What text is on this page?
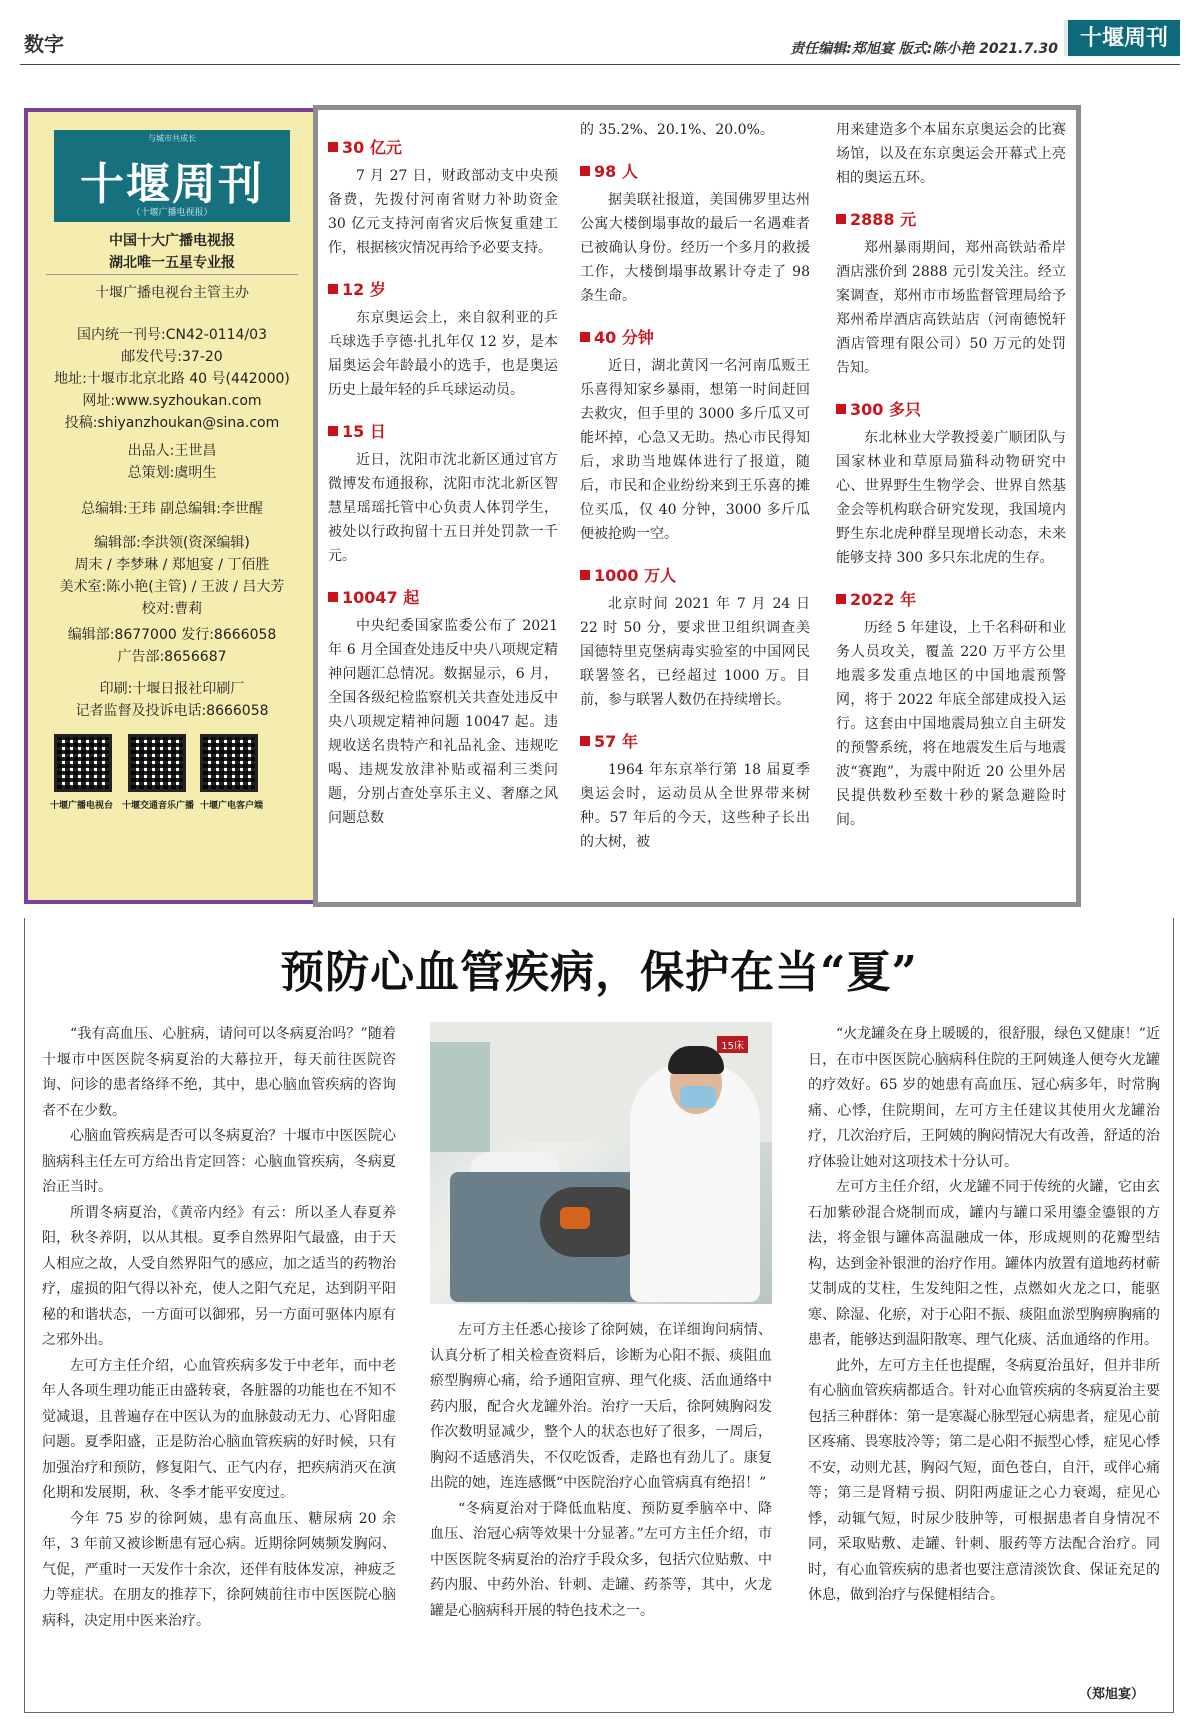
数字	责任编辑:郑旭宴 版式:陈小艳 2021.7.30 十堰周刊
与城市共成长
十堰周刊
（十堰广播电视报）
中国十大广播电视报
湖北唯一五星专业报
十堰广播电视台主管主办
国内统一刊号:CN42-0114/03
邮发代号:37-20
地址:十堰市北京北路 40 号(442000)
网址:www.syzhoukan.com
投稿:shiyanzhoukan@sina.com
出品人:王世昌
总策划:虞明生
总编辑:王玮 副总编辑:李世醒
编辑部:李洪领(资深编辑)
周末 / 李梦琳 / 郑旭宴 / 丁佰胜
美术室:陈小艳(主管) / 王波 / 吕大芳
校对:曹莉
编辑部:8677000 发行:8666058
广告部:8656687
印刷:十堰日报社印刷厂
记者监督及投诉电话:8666058
十堰广播电视台 十堰交通音乐广播 十堰广电客户端
30 亿元

7 月 27 日，财政部动支中央预备费，先拨付河南省财力补助资金 30 亿元支持河南省灾后恢复重建工作，根据核灾情况再给予必要支持。

12 岁

东京奥运会上，来自叙利亚的乒乓球选手亨德·扎扎年仅 12 岁，是本届奥运会年龄最小的选手，也是奥运历史上最年轻的乒乓球运动员。

15 日

近日，沈阳市沈北新区通过官方微博发布通报称，沈阳市沈北新区智慧星瑶瑶托管中心负责人体罚学生，被处以行政拘留十五日并处罚款一千元。

10047 起

中央纪委国家监委公布了 2021 年 6 月全国查处违反中央八项规定精神问题汇总情况。数据显示，6 月，全国各级纪检监察机关共查处违反中央八项规定精神问题 10047 起。违规收送名贵特产和礼品礼金、违规吃喝、违规发放津补贴或福利三类问题，分别占查处享乐主义、奢靡之风问题总数

的 35.2%、20.1%、20.0%。

98 人

据美联社报道，美国佛罗里达州公寓大楼倒塌事故的最后一名遇难者已被确认身份。经历一个多月的救援工作，大楼倒塌事故累计夺走了 98 条生命。

40 分钟

近日，湖北黄冈一名河南瓜贩王乐喜得知家乡暴雨，想第一时间赶回去救灾，但手里的 3000 多斤瓜又可能坏掉，心急又无助。热心市民得知后，求助当地媒体进行了报道，随后，市民和企业纷纷来到王乐喜的摊位买瓜，仅 40 分钟，3000 多斤瓜便被抢购一空。

1000 万人

北京时间 2021 年 7 月 24 日 22 时 50 分，要求世卫组织调查美国德特里克堡病毒实验室的中国网民联署签名，已经超过 1000 万。目前，参与联署人数仍在持续增长。

57 年

1964 年东京举行第 18 届夏季奥运会时，运动员从全世界带来树种。57 年后的今天，这些种子长出的大树，被

用来建造多个本届东京奥运会的比赛场馆，以及在东京奥运会开幕式上亮相的奥运五环。

2888 元

郑州暴雨期间，郑州高铁站希岸酒店涨价到 2888 元引发关注。经立案调查，郑州市市场监督管理局给予郑州希岸酒店高铁站店（河南德悦轩酒店管理有限公司）50 万元的处罚告知。

300 多只

东北林业大学教授姜广顺团队与国家林业和草原局猫科动物研究中心、世界野生生物学会、世界自然基金会等机构联合研究发现，我国境内野生东北虎种群呈现增长动态，未来能够支持 300 多只东北虎的生存。

2022 年

历经 5 年建设，上千名科研和业务人员攻关，覆盖 220 万平方公里地震多发重点地区的中国地震预警网，将于 2022 年底全部建成投入运行。这套由中国地震局独立自主研发的预警系统，将在地震发生后与地震波“赛跑”，为震中附近 20 公里外居民提供数秒至数十秒的紧急避险时间。

预防心血管疾病，保护在当“夏”

“我有高血压、心脏病，请问可以冬病夏治吗？”随着十堰市中医医院冬病夏治的大幕拉开，每天前往医院咨询、问诊的患者络绎不绝，其中，患心脑血管疾病的咨询者不在少数。

心脑血管疾病是否可以冬病夏治？十堰市中医医院心脑病科主任左可方给出肯定回答：心脑血管疾病，冬病夏治正当时。

所谓冬病夏治，《黄帝内经》有云：所以圣人春夏养阳，秋冬养阴，以从其根。夏季自然界阳气最盛，由于天人相应之故，人受自然界阳气的感应，加之适当的药物治疗，虚损的阳气得以补充，使人之阳气充足，达到阴平阳秘的和谐状态，一方面可以御邪，另一方面可驱体内原有之邪外出。

左可方主任介绍，心血管疾病多发于中老年，而中老年人各项生理功能正由盛转衰，各脏器的功能也在不知不觉减退，且普遍存在中医认为的血脉鼓动无力、心肾阳虚问题。夏季阳盛，正是防治心脑血管疾病的好时候，只有加强治疗和预防，修复阳气、正气内存，把疾病消灭在演化期和发展期，秋、冬季才能平安度过。

今年 75 岁的徐阿姨，患有高血压、糖尿病 20 余年，3 年前又被诊断患有冠心病。近期徐阿姨频发胸闷、气促，严重时一天发作十余次，还伴有肢体发凉，神疲乏力等症状。在朋友的推荐下，徐阿姨前往市中医医院心脑病科，决定用中医来治疗。

15床

左可方主任悉心接诊了徐阿姨，在详细询问病情、认真分析了相关检查资料后，诊断为心阳不振、痰阻血瘀型胸痹心痛，给予通阳宣痹、理气化痰、活血通络中药内服，配合火龙罐外治。治疗一天后，徐阿姨胸闷发作次数明显减少，整个人的状态也好了很多，一周后，胸闷不适感消失，不仅吃饭香，走路也有劲儿了。康复出院的她，连连感慨“中医院治疗心血管病真有绝招！”

“冬病夏治对于降低血粘度、预防夏季脑卒中、降血压、治冠心病等效果十分显著。”左可方主任介绍，市中医医院冬病夏治的治疗手段众多，包括穴位贴敷、中药内服、中药外治、针刺、走罐、药茶等，其中，火龙罐是心脑病科开展的特色技术之一。

“火龙罐灸在身上暖暖的，很舒服，绿色又健康！”近日，在市中医医院心脑病科住院的王阿姨逢人便夸火龙罐的疗效好。65 岁的她患有高血压、冠心病多年，时常胸痛、心悸，住院期间，左可方主任建议其使用火龙罐治疗，几次治疗后，王阿姨的胸闷情况大有改善，舒适的治疗体验让她对这项技术十分认可。

左可方主任介绍，火龙罐不同于传统的火罐，它由玄石加紫砂混合烧制而成，罐内与罐口采用鎏金鎏银的方法，将金银与罐体高温融成一体，形成规则的花瓣型结构，达到金补银泄的治疗作用。罐体内放置有道地药材蕲艾制成的艾柱，生发纯阳之性，点燃如火龙之口，能驱寒、除湿、化瘀，对于心阳不振、痰阻血淤型胸痹胸痛的患者，能够达到温阳散寒、理气化痰、活血通络的作用。

此外，左可方主任也提醒，冬病夏治虽好，但并非所有心脑血管疾病都适合。针对心血管疾病的冬病夏治主要包括三种群体：第一是寒凝心脉型冠心病患者，症见心前区疼痛、畏寒肢冷等；第二是心阳不振型心悸，症见心悸不安，动则尤甚，胸闷气短，面色苍白，自汗，或伴心痛等；第三是肾精亏损、阴阳两虚证之心力衰竭，症见心悸，动辄气短，时尿少肢肿等，可根据患者自身情况不同，采取贴敷、走罐、针刺、服药等方法配合治疗。同时，有心血管疾病的患者也要注意清淡饮食、保证充足的休息，做到治疗与保健相结合。

（郑旭宴）
